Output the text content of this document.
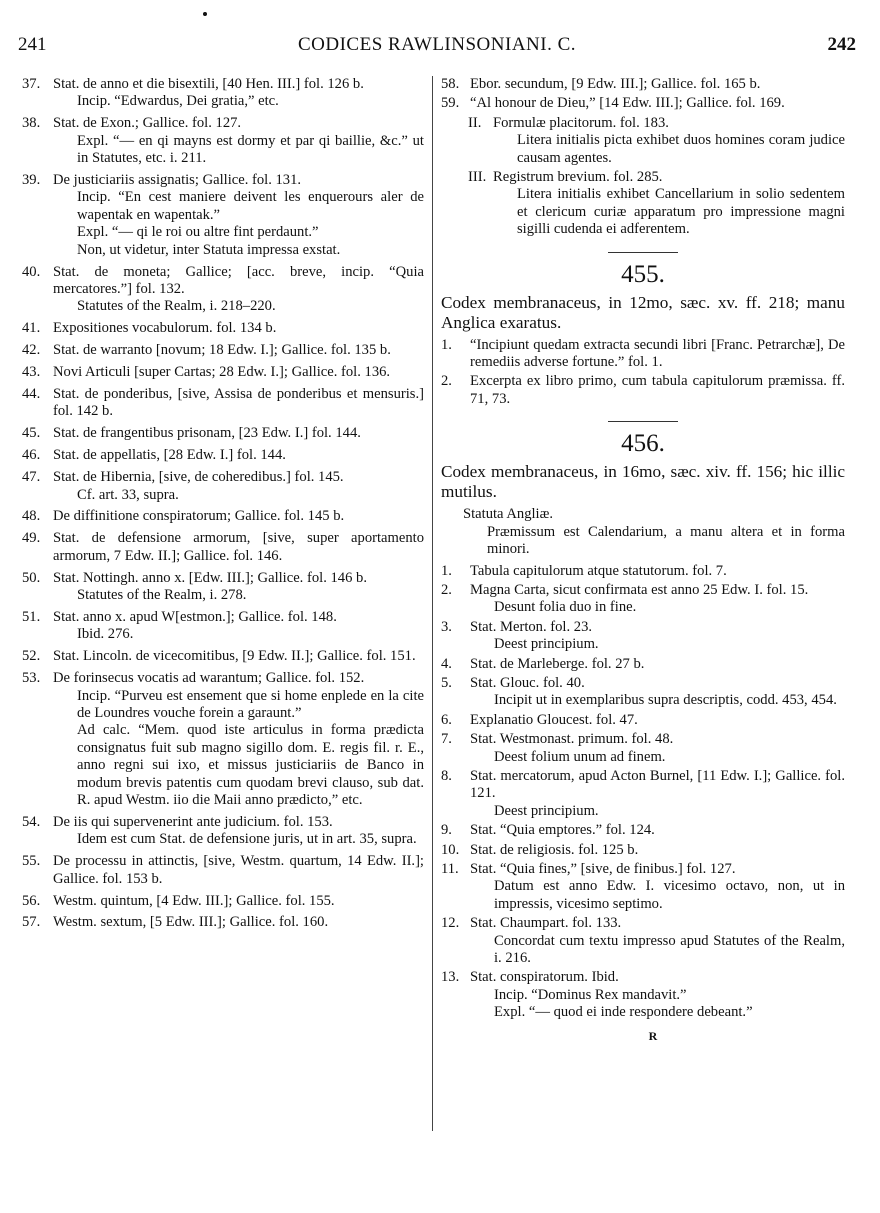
241	CODICES RAWLINSONIANI. C.	242
37. Stat. de anno et die bisextili, [40 Hen. III.] fol. 126 b.
Incip. “Edwardus, Dei gratia,” etc.
38. Stat. de Exon.; Gallice. fol. 127.
Expl. “— en qi mayns est dormy et par qi baillie, &c.” ut in Statutes, etc. i. 211.
39. De justiciariis assignatis; Gallice. fol. 131.
Incip. “En cest maniere deivent les enquerours aler de wapentak en wapentak.”
Expl. “— qi le roi ou altre fint perdaunt.”
Non, ut videtur, inter Statuta impressa exstat.
40. Stat. de moneta; Gallice; [acc. breve, incip. “Quia mercatores.”] fol. 132.
Statutes of the Realm, i. 218–220.
41. Expositiones vocabulorum. fol. 134 b.
42. Stat. de warranto [novum; 18 Edw. I.]; Gallice. fol. 135 b.
43. Novi Articuli [super Cartas; 28 Edw. I.]; Gallice. fol. 136.
44. Stat. de ponderibus, [sive, Assisa de ponderibus et mensuris.] fol. 142 b.
45. Stat. de frangentibus prisonam, [23 Edw. I.] fol. 144.
46. Stat. de appellatis, [28 Edw. I.] fol. 144.
47. Stat. de Hibernia, [sive, de coheredibus.] fol. 145.
Cf. art. 33, supra.
48. De diffinitione conspiratorum; Gallice. fol. 145 b.
49. Stat. de defensione armorum, [sive, super aportamento armorum, 7 Edw. II.]; Gallice. fol. 146.
50. Stat. Nottingh. anno x. [Edw. III.]; Gallice. fol. 146 b.
Statutes of the Realm, i. 278.
51. Stat. anno x. apud W[estmon.]; Gallice. fol. 148.
Ibid. 276.
52. Stat. Lincoln. de vicecomitibus, [9 Edw. II.]; Gallice. fol. 151.
53. De forinsecus vocatis ad warantum; Gallice. fol. 152.
Incip. “Purveu est ensement que si home enplede en la cite de Loundres vouche forein a garaunt.”
Ad calc. “Mem. quod iste articulus in forma prædicta consignatus fuit sub magno sigillo dom. E. regis fil. r. E., anno regni sui ixo, et missus justiciariis de Banco in modum brevis patentis cum quodam brevi clauso, sub dat. R. apud Westm. iio die Maii anno prædicto,” etc.
54. De iis qui supervenerint ante judicium. fol. 153.
Idem est cum Stat. de defensione juris, ut in art. 35, supra.
55. De processu in attinctis, [sive, Westm. quartum, 14 Edw. II.]; Gallice. fol. 153 b.
56. Westm. quintum, [4 Edw. III.]; Gallice. fol. 155.
57. Westm. sextum, [5 Edw. III.]; Gallice. fol. 160.
58. Ebor. secundum, [9 Edw. III.]; Gallice. fol. 165 b.
59. “Al honour de Dieu,” [14 Edw. III.]; Gallice. fol. 169.
II. Formulæ placitorum. fol. 183.
Litera initialis picta exhibet duos homines coram judice causam agentes.
III. Registrum brevium. fol. 285.
Litera initialis exhibet Cancellarium in solio sedentem et clericum curiæ apparatum pro impressione magni sigilli cudenda ei adferentem.
455.
Codex membranaceus, in 12mo, sæc. xv. ff. 218; manu Anglica exaratus.
1. “Incipiunt quedam extracta secundi libri [Franc. Petrarchæ], De remediis adverse fortune.” fol. 1.
2. Excerpta ex libro primo, cum tabula capitulorum præmissa. ff. 71, 73.
456.
Codex membranaceus, in 16mo, sæc. xiv. ff. 156; hic illic mutilus.
Statuta Angliæ.
Præmissum est Calendarium, a manu altera et in forma minori.
1. Tabula capitulorum atque statutorum. fol. 7.
2. Magna Carta, sicut confirmata est anno 25 Edw. I. fol. 15.
Desunt folia duo in fine.
3. Stat. Merton. fol. 23.
Deest principium.
4. Stat. de Marleberge. fol. 27 b.
5. Stat. Glouc. fol. 40.
Incipit ut in exemplaribus supra descriptis, codd. 453, 454.
6. Explanatio Gloucest. fol. 47.
7. Stat. Westmonast. primum. fol. 48.
Deest folium unum ad finem.
8. Stat. mercatorum, apud Acton Burnel, [11 Edw. I.]; Gallice. fol. 121.
Deest principium.
9. Stat. “Quia emptores.” fol. 124.
10. Stat. de religiosis. fol. 125 b.
11. Stat. “Quia fines,” [sive, de finibus.] fol. 127.
Datum est anno Edw. I. vicesimo octavo, non, ut in impressis, vicesimo septimo.
12. Stat. Chaumpart. fol. 133.
Concordat cum textu impresso apud Statutes of the Realm, i. 216.
13. Stat. conspiratorum. Ibid.
Incip. “Dominus Rex mandavit.”
Expl. “— quod ei inde respondere debeant.”
R
